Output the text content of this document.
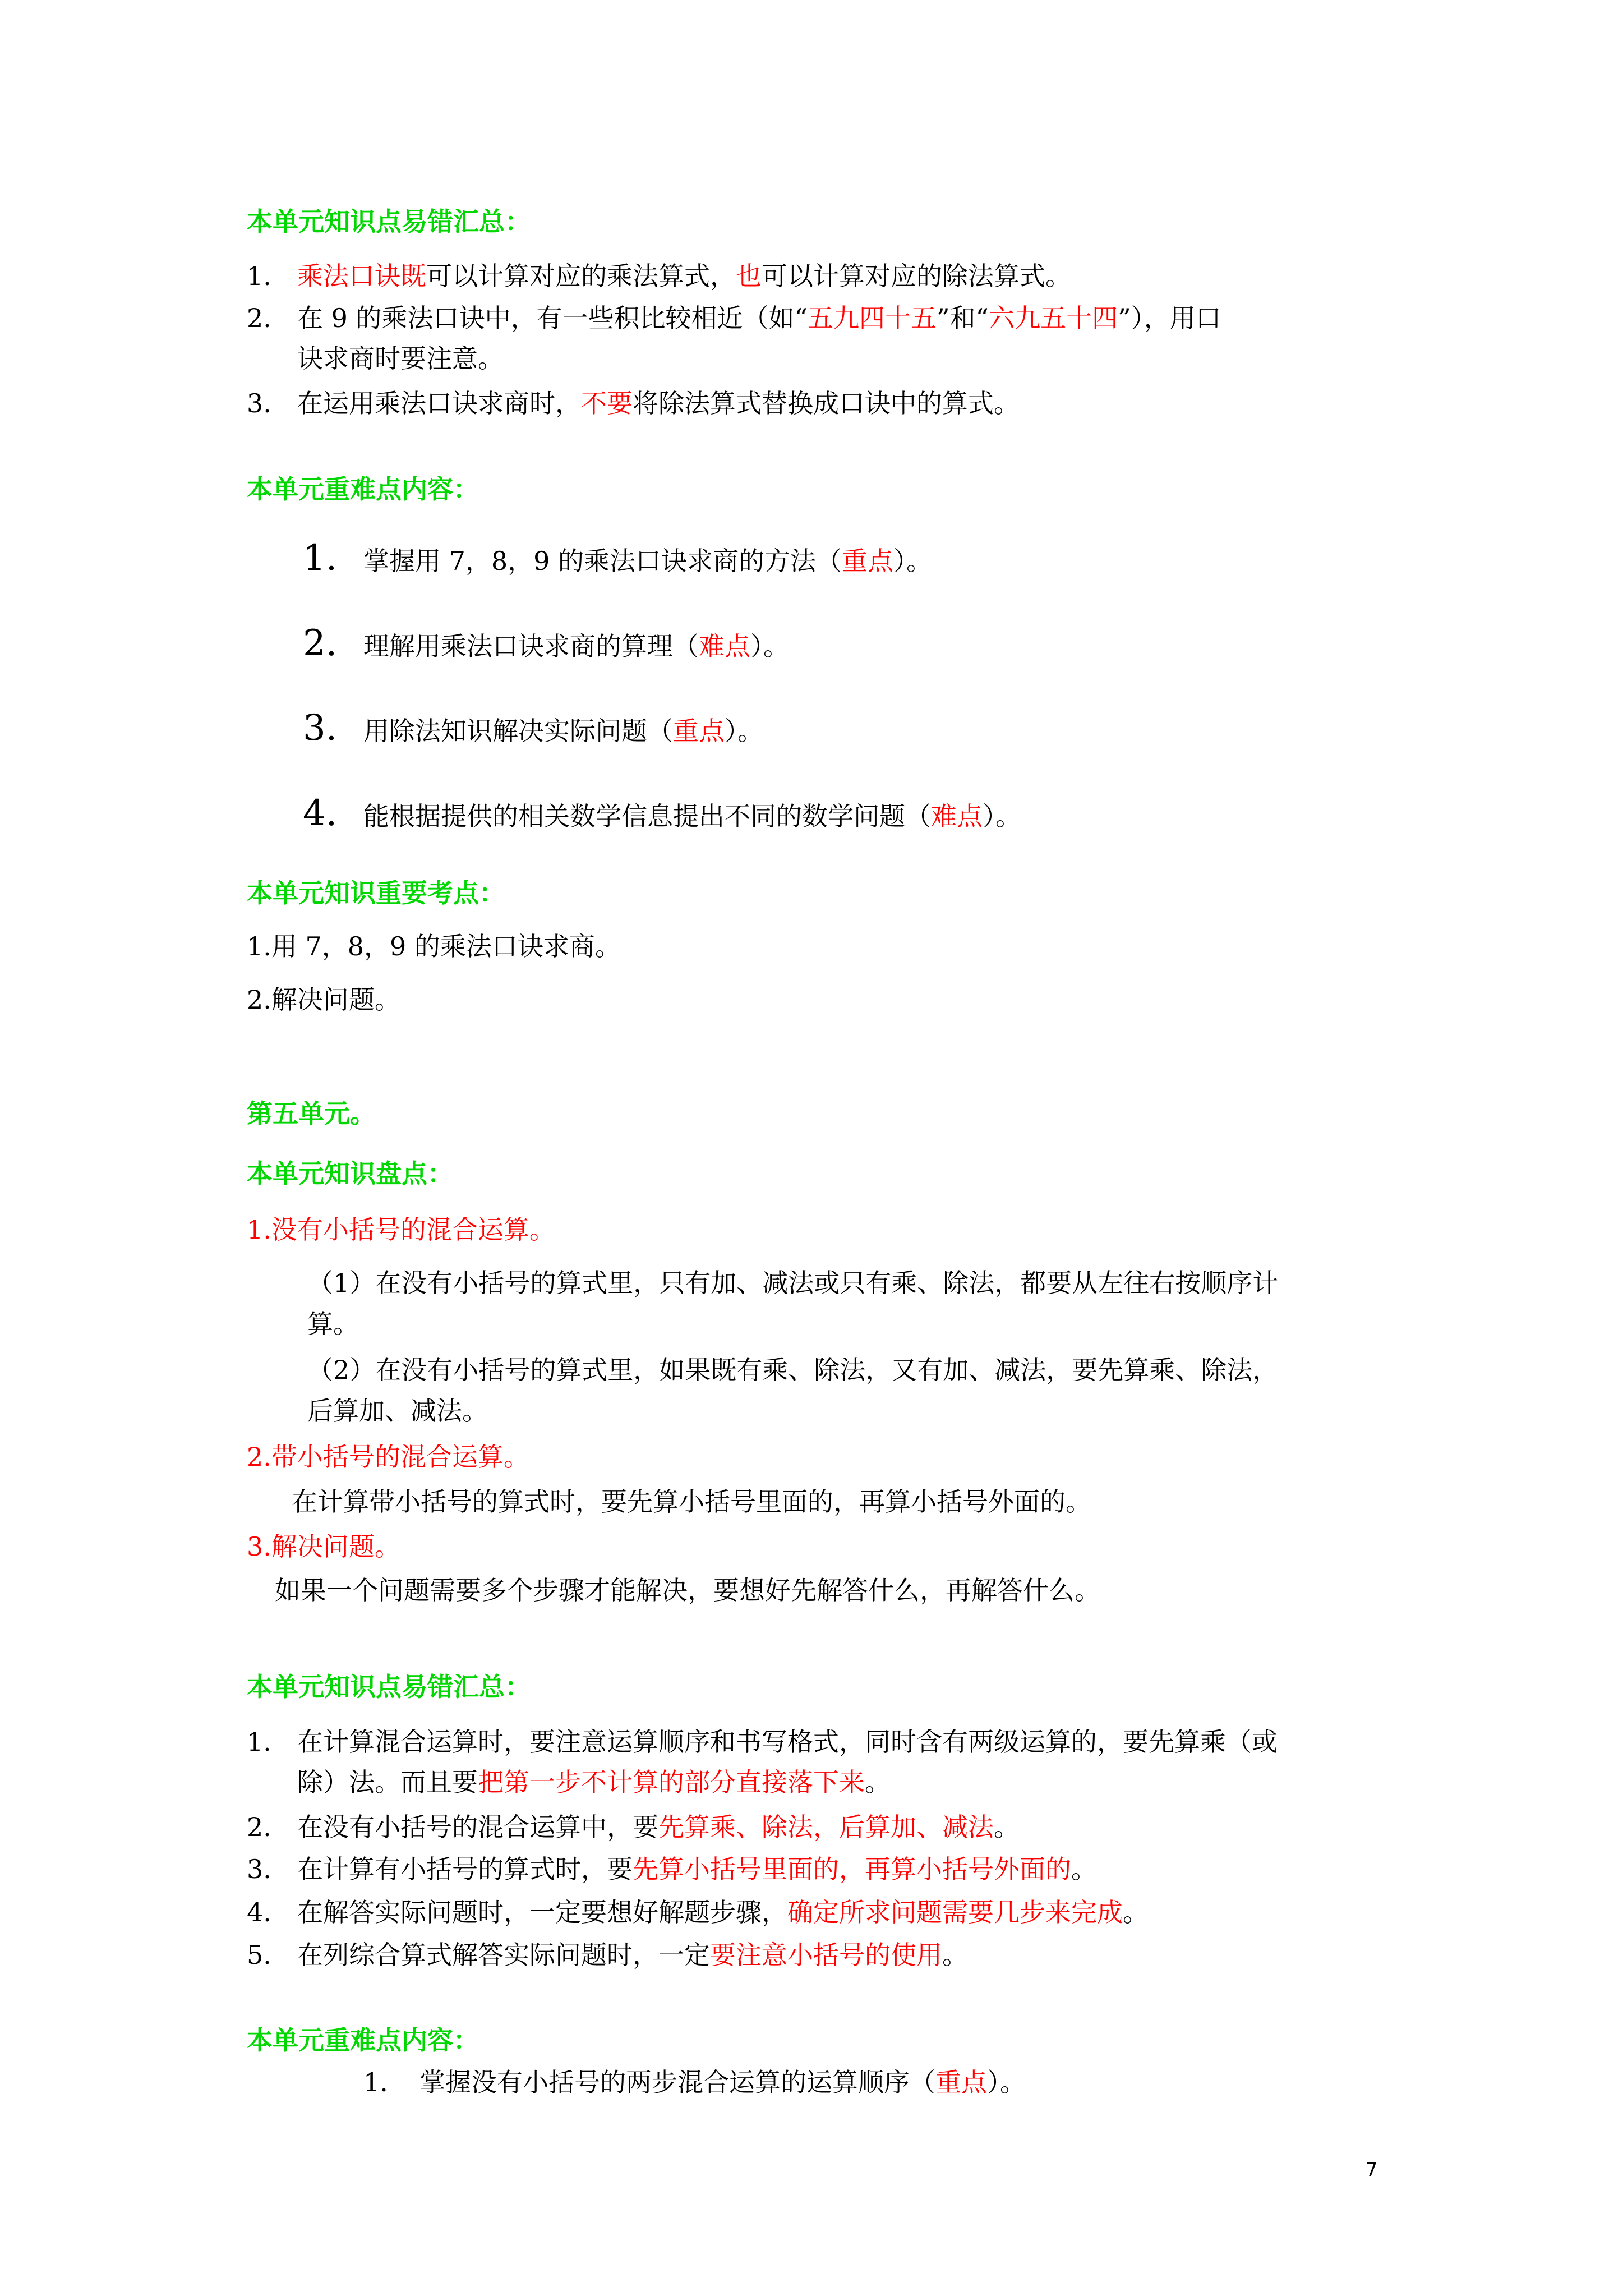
本单元知识点易错汇总：
1. 乘法口诀既可以计算对应的乘法算式，也可以计算对应的除法算式。
2. 在 9 的乘法口诀中，有一些积比较相近（如“五九四十五”和“六九五十四”），用口
诀求商时要注意。
3. 在运用乘法口诀求商时，不要将除法算式替换成口诀中的算式。
本单元重难点内容：
1. 掌握用 7，8，9 的乘法口诀求商的方法（重点）。
2. 理解用乘法口诀求商的算理（难点）。
3. 用除法知识解决实际问题（重点）。
4. 能根据提供的相关数学信息提出不同的数学问题（难点）。
本单元知识重要考点：
1.用 7，8，9 的乘法口诀求商。
2.解决问题。
第五单元。
本单元知识盘点：
1.没有小括号的混合运算。
（1）在没有小括号的算式里，只有加、减法或只有乘、除法，都要从左往右按顺序计
算。
（2）在没有小括号的算式里，如果既有乘、除法，又有加、减法，要先算乘、除法，
后算加、减法。
2.带小括号的混合运算。
在计算带小括号的算式时，要先算小括号里面的，再算小括号外面的。
3.解决问题。
如果一个问题需要多个步骤才能解决，要想好先解答什么，再解答什么。
本单元知识点易错汇总：
1. 在计算混合运算时，要注意运算顺序和书写格式，同时含有两级运算的，要先算乘（或
除）法。而且要把第一步不计算的部分直接落下来。
2. 在没有小括号的混合运算中，要先算乘、除法，后算加、减法。
3. 在计算有小括号的算式时，要先算小括号里面的，再算小括号外面的。
4. 在解答实际问题时，一定要想好解题步骤，确定所求问题需要几步来完成。
5. 在列综合算式解答实际问题时，一定要注意小括号的使用。
本单元重难点内容：
1. 掌握没有小括号的两步混合运算的运算顺序（重点）。
7
